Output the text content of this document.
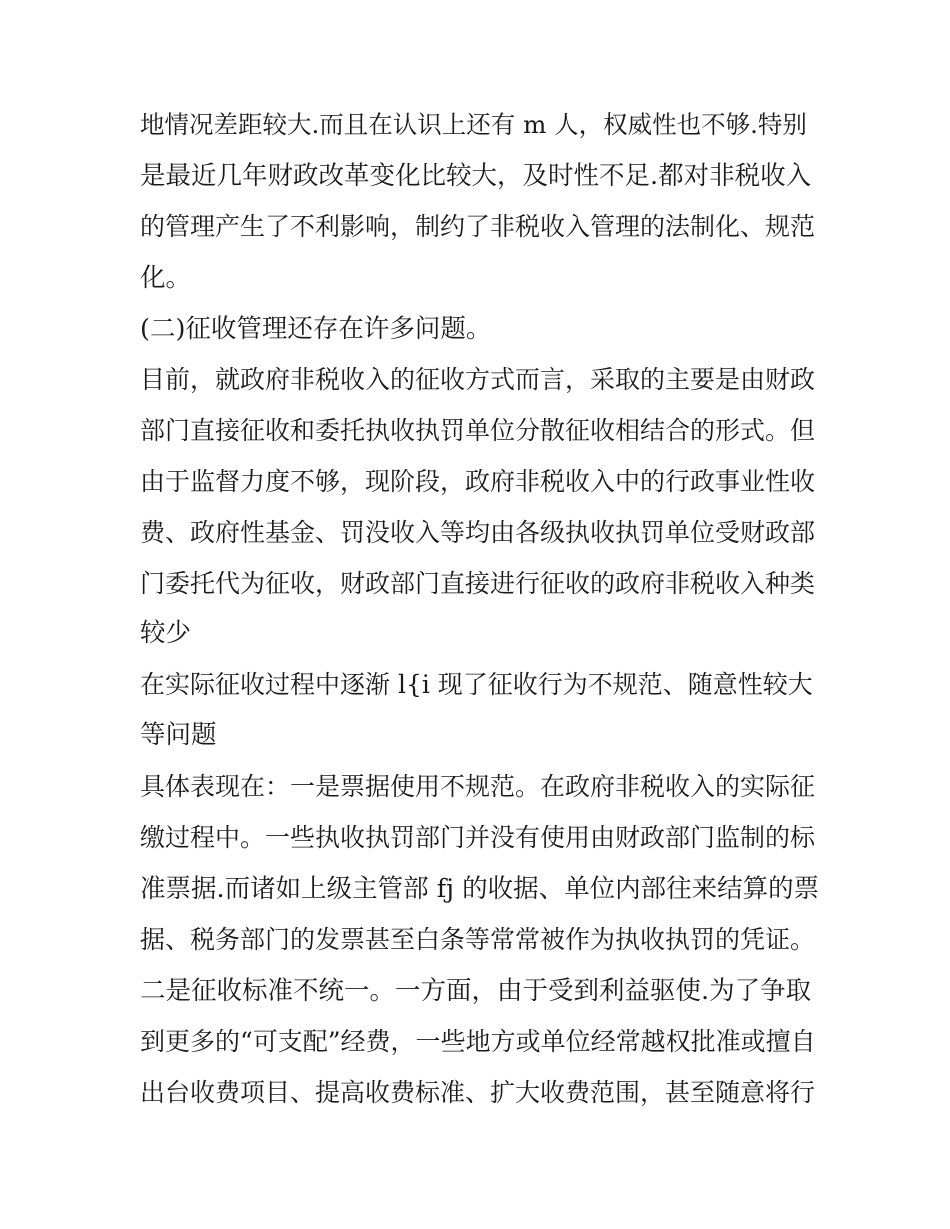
地情况差距较大.而且在认识上还有 m 人，权威性也不够.特别
是最近几年财政改革变化比较大，及时性不足.都对非税收入
的管理产生了不利影响，制约了非税收入管理的法制化、规范
化。
(二)征收管理还存在许多问题。
目前，就政府非税收入的征收方式而言，采取的主要是由财政
部门直接征收和委托执收执罚单位分散征收相结合的形式。但
由于监督力度不够，现阶段，政府非税收入中的行政事业性收
费、政府性基金、罚没收入等均由各级执收执罚单位受财政部
门委托代为征收，财政部门直接进行征收的政府非税收入种类
较少
在实际征收过程中逐渐 l{i 现了征收行为不规范、随意性较大
等问题
具体表现在：一是票据使用不规范。在政府非税收入的实际征
缴过程中。一些执收执罚部门并没有使用由财政部门监制的标
准票据.而诸如上级主管部 fj 的收据、单位内部往来结算的票
据、税务部门的发票甚至白条等常常被作为执收执罚的凭证。
二是征收标准不统一。一方面，由于受到利益驱使.为了争取
到更多的“可支配”经费，一些地方或单位经常越权批准或擅自
出台收费项目、提高收费标准、扩大收费范围，甚至随意将行
